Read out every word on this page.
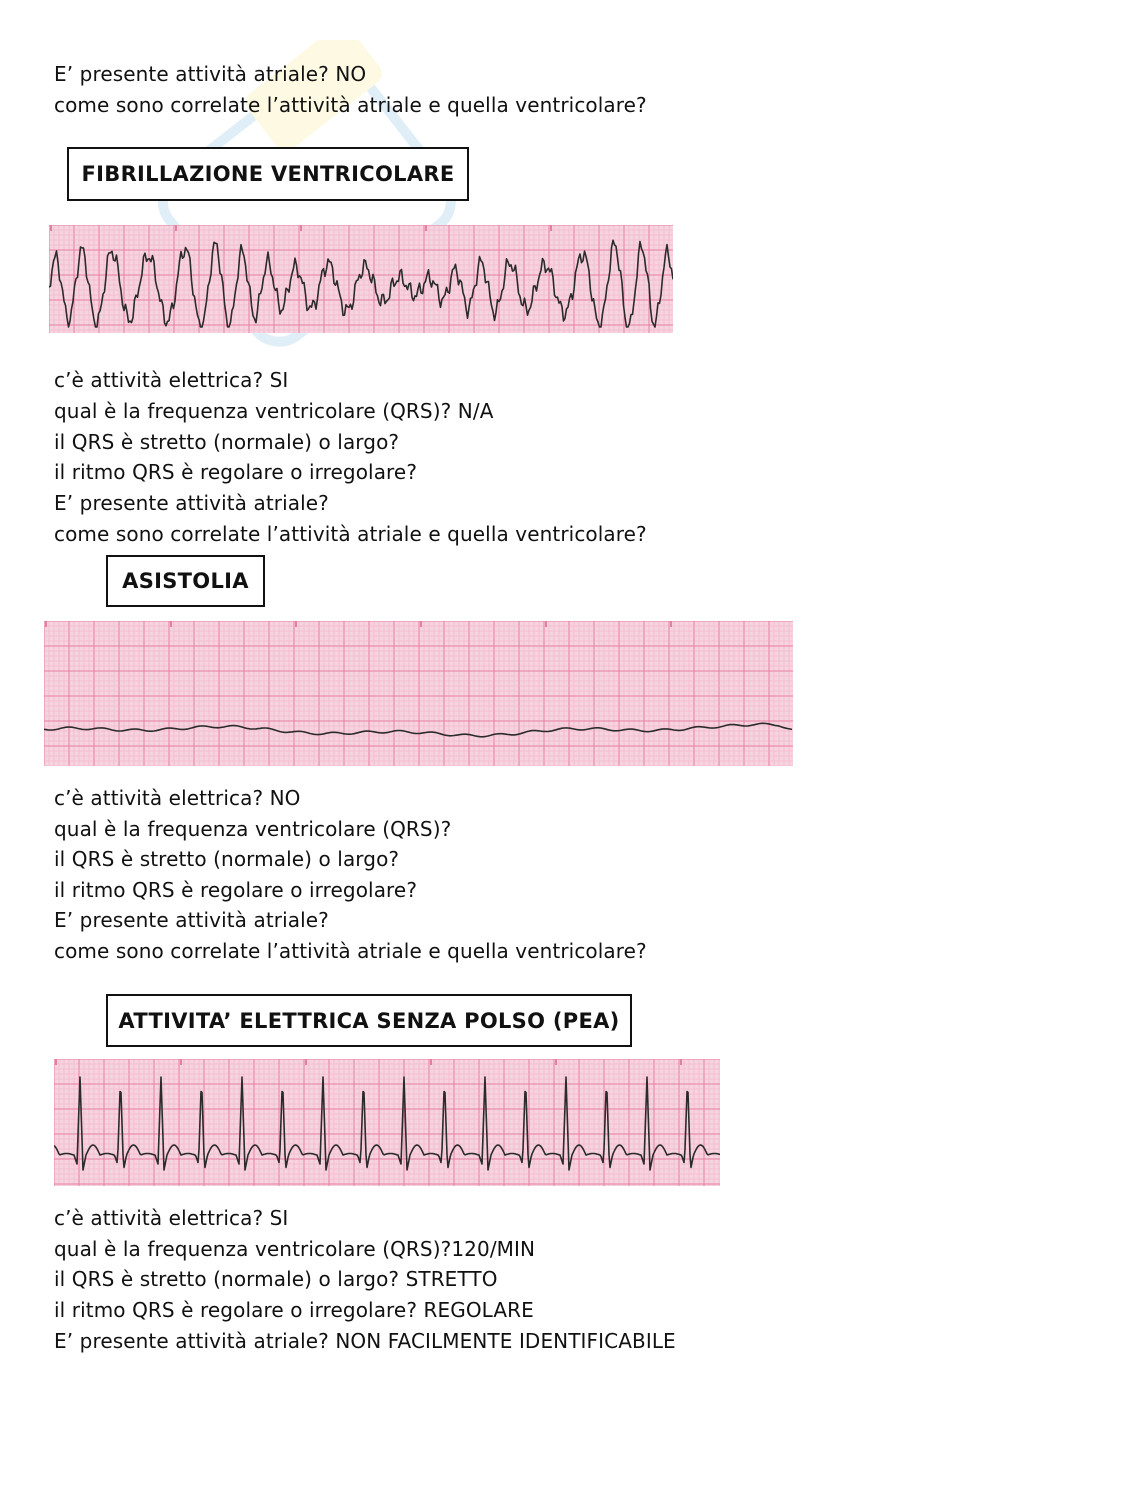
E’ presente attività atriale? NO
come sono correlate l’attività atriale e quella ventricolare?
FIBRILLAZIONE VENTRICOLARE
c’è attività elettrica? SI
qual è la frequenza ventricolare (QRS)? N/A
il QRS è stretto (normale) o largo?
il ritmo QRS è regolare o irregolare?
E’ presente attività atriale?
come sono correlate l’attività atriale e quella ventricolare?
ASISTOLIA
c’è attività elettrica? NO
qual è la frequenza ventricolare (QRS)?
il QRS è stretto (normale) o largo?
il ritmo QRS è regolare o irregolare?
E’ presente attività atriale?
come sono correlate l’attività atriale e quella ventricolare?
ATTIVITA’ ELETTRICA SENZA POLSO (PEA)
c’è attività elettrica? SI
qual è la frequenza ventricolare (QRS)?120/MIN
il QRS è stretto (normale) o largo? STRETTO
il ritmo QRS è regolare o irregolare? REGOLARE
E’ presente attività atriale? NON FACILMENTE IDENTIFICABILE
